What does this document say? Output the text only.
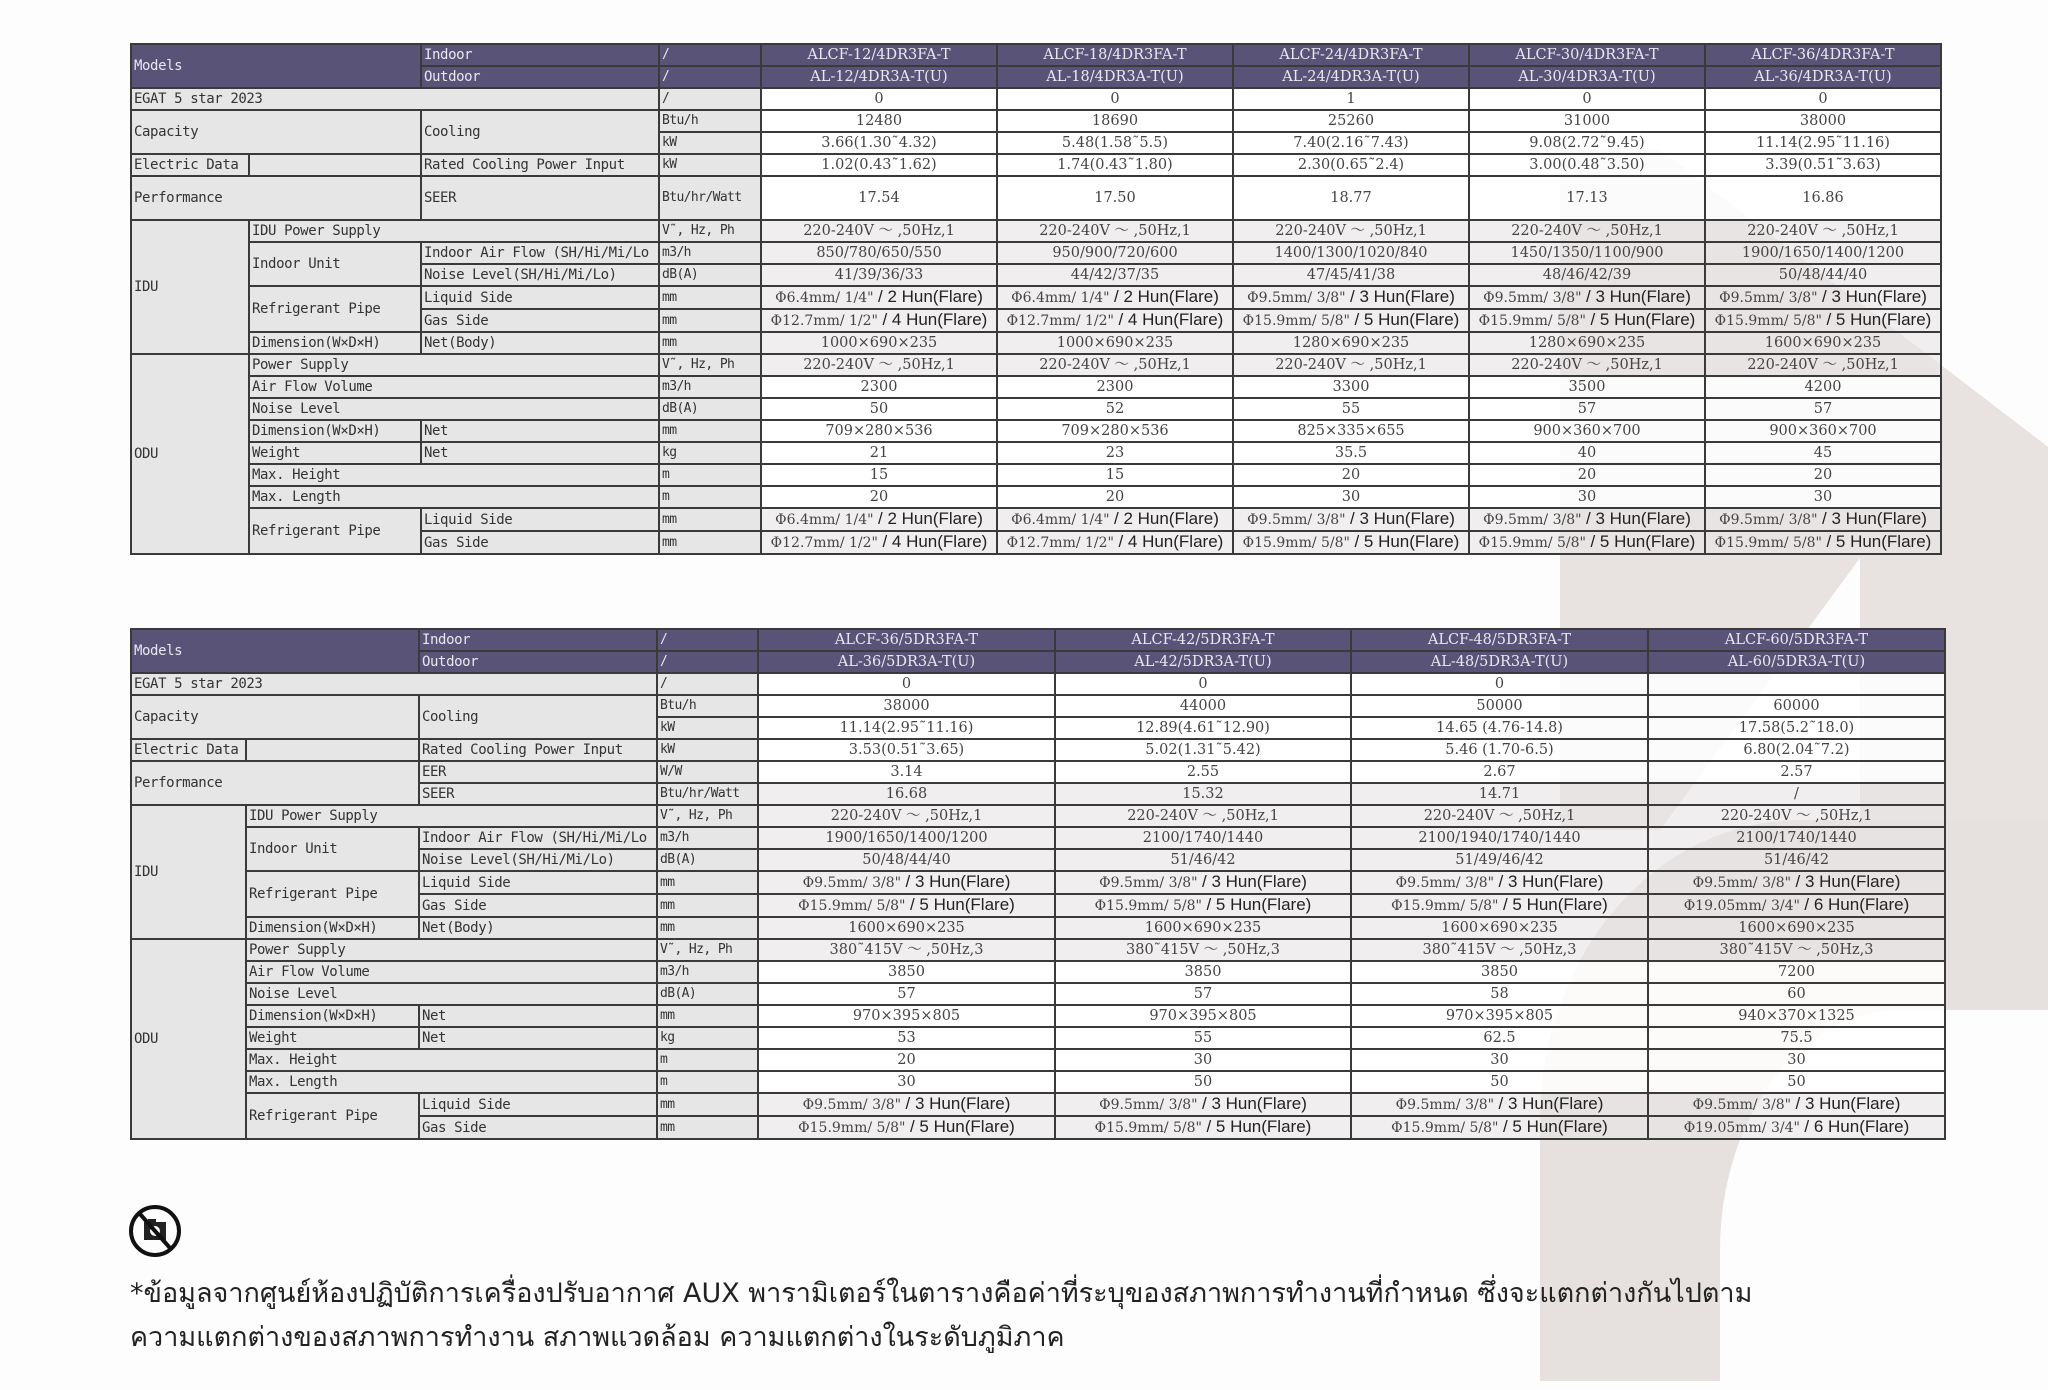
Models		Indoor	/	ALCF-12/4DR3FA-T	ALCF-18/4DR3FA-T	ALCF-24/4DR3FA-T	ALCF-30/4DR3FA-T	ALCF-36/4DR3FA-T
		Outdoor	/	AL-12/4DR3A-T(U)	AL-18/4DR3A-T(U)	AL-24/4DR3A-T(U)	AL-30/4DR3A-T(U)	AL-36/4DR3A-T(U)
EGAT 5 star 2023			/	0	0	1	0	0
Capacity		Cooling	Btu/h	12480	18690	25260	31000	38000
			kW	3.66(1.30˜4.32)	5.48(1.58˜5.5)	7.40(2.16˜7.43)	9.08(2.72˜9.45)	11.14(2.95˜11.16)
Electric Data		Rated Cooling Power Input	kW	1.02(0.43˜1.62)	1.74(0.43˜1.80)	2.30(0.65˜2.4)	3.00(0.48˜3.50)	3.39(0.51˜3.63)
Performance		SEER	Btu/hr/Watt	17.54	17.50	18.77	17.13	16.86
IDU	IDU Power Supply		V˜, Hz, Ph	220-240V ～ ,50Hz,1	220-240V ～ ,50Hz,1	220-240V ～ ,50Hz,1	220-240V ～ ,50Hz,1	220-240V ～ ,50Hz,1
	Indoor Unit	Indoor Air Flow (SH/Hi/Mi/Lo	m3/h	850/780/650/550	950/900/720/600	1400/1300/1020/840	1450/1350/1100/900	1900/1650/1400/1200
		Noise Level(SH/Hi/Mi/Lo)	dB(A)	41/39/36/33	44/42/37/35	47/45/41/38	48/46/42/39	50/48/44/40
	Refrigerant Pipe	Liquid Side	mm	Φ6.4mm/ 1/4" / 2 Hun(Flare)	Φ6.4mm/ 1/4" / 2 Hun(Flare)	Φ9.5mm/ 3/8" / 3 Hun(Flare)	Φ9.5mm/ 3/8" / 3 Hun(Flare)	Φ9.5mm/ 3/8" / 3 Hun(Flare)
		Gas Side	mm	Φ12.7mm/ 1/2" / 4 Hun(Flare)	Φ12.7mm/ 1/2" / 4 Hun(Flare)	Φ15.9mm/ 5/8" / 5 Hun(Flare)	Φ15.9mm/ 5/8" / 5 Hun(Flare)	Φ15.9mm/ 5/8" / 5 Hun(Flare)
	Dimension(W×D×H)	Net(Body)	mm	1000×690×235	1000×690×235	1280×690×235	1280×690×235	1600×690×235
ODU	Power Supply		V˜, Hz, Ph	220-240V ～ ,50Hz,1	220-240V ～ ,50Hz,1	220-240V ～ ,50Hz,1	220-240V ～ ,50Hz,1	220-240V ～ ,50Hz,1
	Air Flow Volume		m3/h	2300	2300	3300	3500	4200
	Noise Level		dB(A)	50	52	55	57	57
	Dimension(W×D×H)	Net	mm	709×280×536	709×280×536	825×335×655	900×360×700	900×360×700
	Weight	Net	kg	21	23	35.5	40	45
	Max. Height		m	15	15	20	20	20
	Max. Length		m	20	20	30	30	30
	Refrigerant Pipe	Liquid Side	mm	Φ6.4mm/ 1/4" / 2 Hun(Flare)	Φ6.4mm/ 1/4" / 2 Hun(Flare)	Φ9.5mm/ 3/8" / 3 Hun(Flare)	Φ9.5mm/ 3/8" / 3 Hun(Flare)	Φ9.5mm/ 3/8" / 3 Hun(Flare)
		Gas Side	mm	Φ12.7mm/ 1/2" / 4 Hun(Flare)	Φ12.7mm/ 1/2" / 4 Hun(Flare)	Φ15.9mm/ 5/8" / 5 Hun(Flare)	Φ15.9mm/ 5/8" / 5 Hun(Flare)	Φ15.9mm/ 5/8" / 5 Hun(Flare)
Models		Indoor	/	ALCF-36/5DR3FA-T	ALCF-42/5DR3FA-T	ALCF-48/5DR3FA-T	ALCF-60/5DR3FA-T
		Outdoor	/	AL-36/5DR3A-T(U)	AL-42/5DR3A-T(U)	AL-48/5DR3A-T(U)	AL-60/5DR3A-T(U)
EGAT 5 star 2023			/	0	0	0	
Capacity		Cooling	Btu/h	38000	44000	50000	60000
			kW	11.14(2.95˜11.16)	12.89(4.61˜12.90)	14.65 (4.76-14.8)	17.58(5.2˜18.0)
Electric Data		Rated Cooling Power Input	kW	3.53(0.51˜3.65)	5.02(1.31˜5.42)	5.46 (1.70-6.5)	6.80(2.04˜7.2)
Performance		EER	W/W	3.14	2.55	2.67	2.57
		SEER	Btu/hr/Watt	16.68	15.32	14.71	/
IDU	IDU Power Supply		V˜, Hz, Ph	220-240V ～ ,50Hz,1	220-240V ～ ,50Hz,1	220-240V ～ ,50Hz,1	220-240V ～ ,50Hz,1
	Indoor Unit	Indoor Air Flow (SH/Hi/Mi/Lo	m3/h	1900/1650/1400/1200	2100/1740/1440	2100/1940/1740/1440	2100/1740/1440
		Noise Level(SH/Hi/Mi/Lo)	dB(A)	50/48/44/40	51/46/42	51/49/46/42	51/46/42
	Refrigerant Pipe	Liquid Side	mm	Φ9.5mm/ 3/8" / 3 Hun(Flare)	Φ9.5mm/ 3/8" / 3 Hun(Flare)	Φ9.5mm/ 3/8" / 3 Hun(Flare)	Φ9.5mm/ 3/8" / 3 Hun(Flare)
		Gas Side	mm	Φ15.9mm/ 5/8" / 5 Hun(Flare)	Φ15.9mm/ 5/8" / 5 Hun(Flare)	Φ15.9mm/ 5/8" / 5 Hun(Flare)	Φ19.05mm/ 3/4" / 6 Hun(Flare)
	Dimension(W×D×H)	Net(Body)	mm	1600×690×235	1600×690×235	1600×690×235	1600×690×235
ODU	Power Supply		V˜, Hz, Ph	380˜415V ～ ,50Hz,3	380˜415V ～ ,50Hz,3	380˜415V ～ ,50Hz,3	380˜415V ～ ,50Hz,3
	Air Flow Volume		m3/h	3850	3850	3850	7200
	Noise Level		dB(A)	57	57	58	60
	Dimension(W×D×H)	Net	mm	970×395×805	970×395×805	970×395×805	940×370×1325
	Weight	Net	kg	53	55	62.5	75.5
	Max. Height		m	20	30	30	30
	Max. Length		m	30	50	50	50
	Refrigerant Pipe	Liquid Side	mm	Φ9.5mm/ 3/8" / 3 Hun(Flare)	Φ9.5mm/ 3/8" / 3 Hun(Flare)	Φ9.5mm/ 3/8" / 3 Hun(Flare)	Φ9.5mm/ 3/8" / 3 Hun(Flare)
		Gas Side	mm	Φ15.9mm/ 5/8" / 5 Hun(Flare)	Φ15.9mm/ 5/8" / 5 Hun(Flare)	Φ15.9mm/ 5/8" / 5 Hun(Flare)	Φ19.05mm/ 3/4" / 6 Hun(Flare)
*ข้อมูลจากศูนย์ห้องปฏิบัติการเครื่องปรับอากาศ AUX พารามิเตอร์ในตารางคือค่าที่ระบุของสภาพการทำงานที่กำหนด ซึ่งจะแตกต่างกันไปตาม
ความแตกต่างของสภาพการทำงาน สภาพแวดล้อม ความแตกต่างในระดับภูมิภาค
